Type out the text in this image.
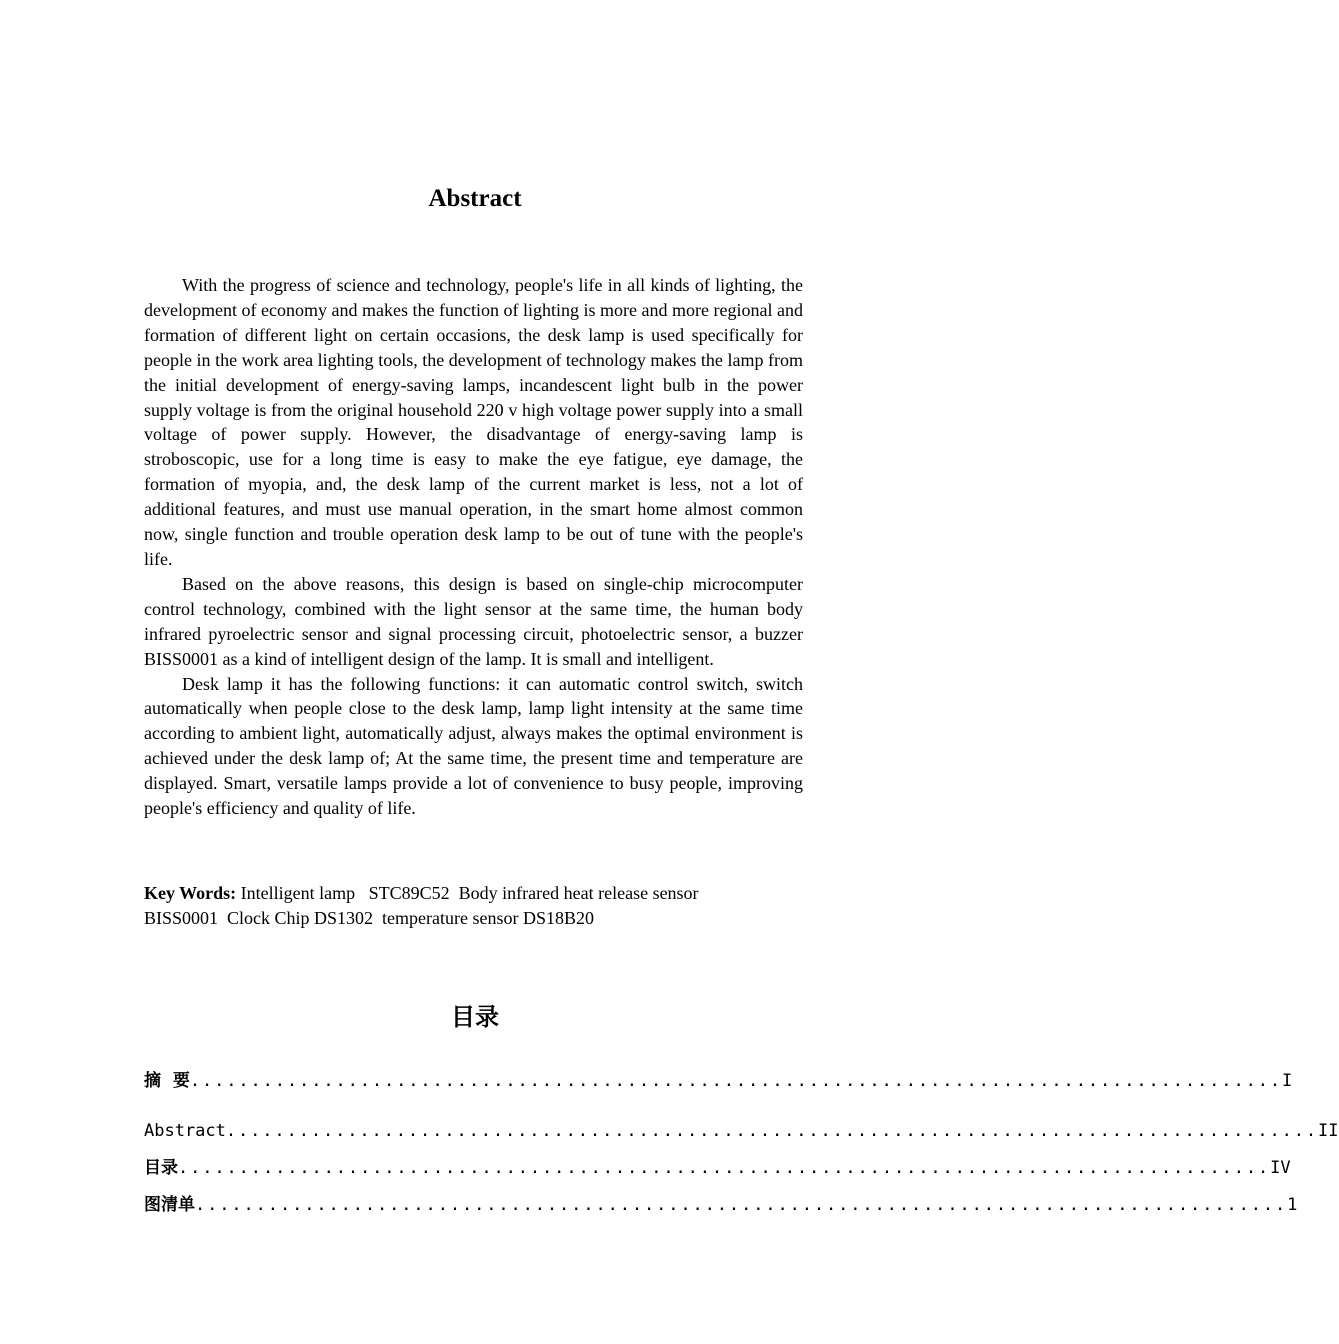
Abstract

With the progress of science and technology, people's life in all kinds of lighting, the development of economy and makes the function of lighting is more and more regional and formation of different light on certain occasions, the desk lamp is used specifically for people in the work area lighting tools, the development of technology makes the lamp from the initial development of energy-saving lamps, incandescent light bulb in the power supply voltage is from the original household 220 v high voltage power supply into a small voltage of power supply. However, the disadvantage of energy-saving lamp is stroboscopic, use for a long time is easy to make the eye fatigue, eye damage, the formation of myopia, and, the desk lamp of the current market is less, not a lot of additional features, and must use manual operation, in the smart home almost common now, single function and trouble operation desk lamp to be out of tune with the people's life.

Based on the above reasons, this design is based on single-chip microcomputer control technology, combined with the light sensor at the same time, the human body infrared pyroelectric sensor and signal processing circuit, photoelectric sensor, a buzzer BISS0001 as a kind of intelligent design of the lamp. It is small and intelligent.

Desk lamp it has the following functions: it can automatic control switch, switch automatically when people close to the desk lamp, lamp light intensity at the same time according to ambient light, automatically adjust, always makes the optimal environment is achieved under the desk lamp of; At the same time, the present time and temperature are displayed. Smart, versatile lamps provide a lot of convenience to busy people, improving people's efficiency and quality of life.

Key Words: Intelligent lamp   STC89C52  Body infrared heat release sensor
BISS0001  Clock Chip DS1302  temperature sensor DS18B20
目录
摘  要 .......................................................................................... I
Abstract .......................................................................................... II
目录 .......................................................................................... IV
图清单 .......................................................................................... 1
